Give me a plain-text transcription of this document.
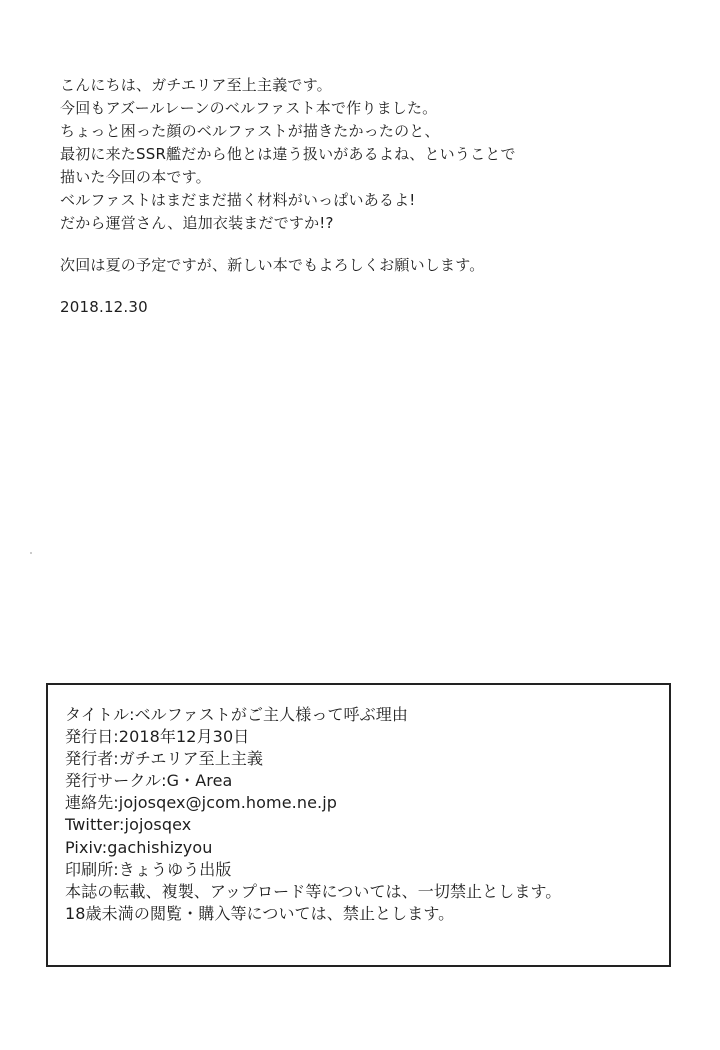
こんにちは、ガチエリア至上主義です。
今回もアズールレーンのベルファスト本で作りました。
ちょっと困った顔のベルファストが描きたかったのと、
最初に来たSSR艦だから他とは違う扱いがあるよね、ということで
描いた今回の本です。
ベルファストはまだまだ描く材料がいっぱいあるよ!
だから運営さん、追加衣装まだですか!?
次回は夏の予定ですが、新しい本でもよろしくお願いします。
2018.12.30
タイトル:ベルファストがご主人様って呼ぶ理由
発行日:2018年12月30日
発行者:ガチエリア至上主義
発行サークル:G・Area
連絡先:jojosqex@jcom.home.ne.jp
Twitter:jojosqex
Pixiv:gachishizyou
印刷所:きょうゆう出版
本誌の転載、複製、アップロード等については、一切禁止とします。
18歳未満の閲覧・購入等については、禁止とします。
